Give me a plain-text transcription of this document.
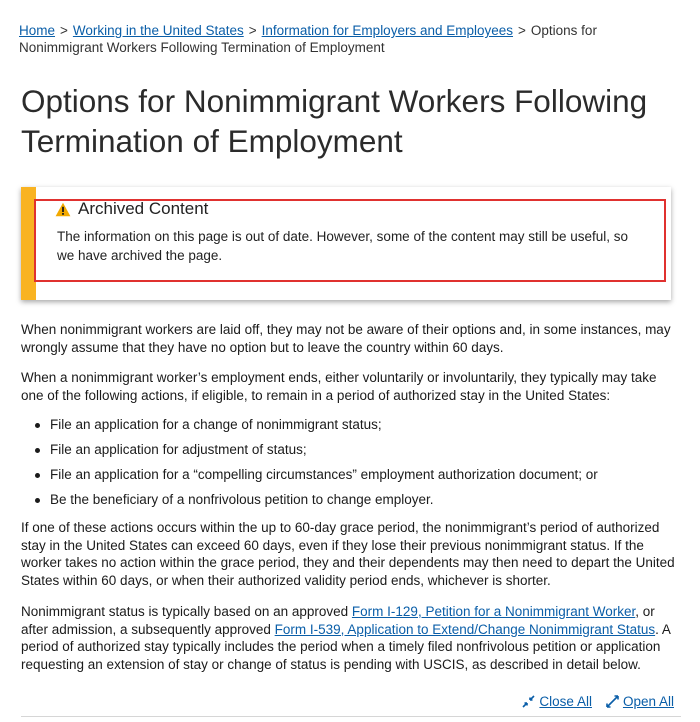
Home > Working in the United States > Information for Employers and Employees > Options for Nonimmigrant Workers Following Termination of Employment
Options for Nonimmigrant Workers Following Termination of Employment
Archived Content
The information on this page is out of date. However, some of the content may still be useful, so we have archived the page.

When nonimmigrant workers are laid off, they may not be aware of their options and, in some instances, may wrongly assume that they have no option but to leave the country within 60 days.

When a nonimmigrant worker’s employment ends, either voluntarily or involuntarily, they typically may take one of the following actions, if eligible, to remain in a period of authorized stay in the United States:

File an application for a change of nonimmigrant status;
File an application for adjustment of status;
File an application for a “compelling circumstances” employment authorization document; or
Be the beneficiary of a nonfrivolous petition to change employer.

If one of these actions occurs within the up to 60-day grace period, the nonimmigrant’s period of authorized stay in the United States can exceed 60 days, even if they lose their previous nonimmigrant status. If the worker takes no action within the grace period, they and their dependents may then need to depart the United States within 60 days, or when their authorized validity period ends, whichever is shorter.

Nonimmigrant status is typically based on an approved Form I-129, Petition for a Nonimmigrant Worker, or after admission, a subsequently approved Form I-539, Application to Extend/Change Nonimmigrant Status. A period of authorized stay typically includes the period when a timely filed nonfrivolous petition or application requesting an extension of stay or change of status is pending with USCIS, as described in detail below.

Close All Open All
